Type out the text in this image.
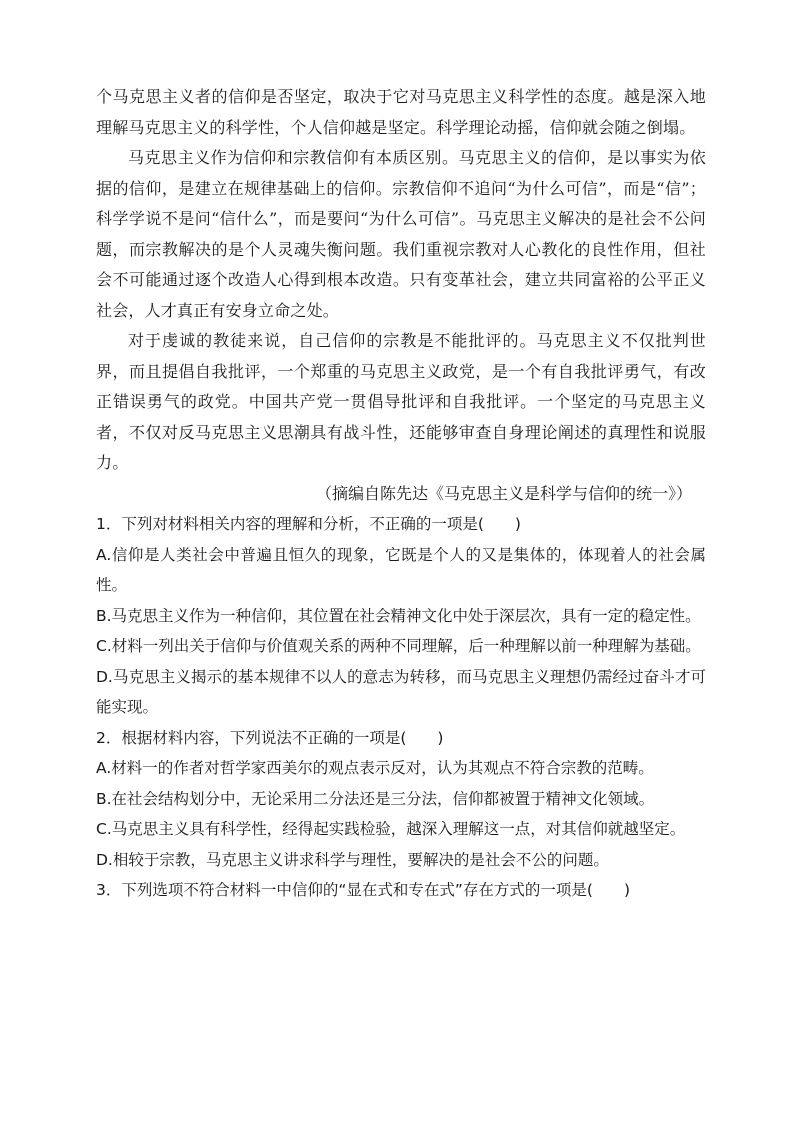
个马克思主义者的信仰是否坚定，取决于它对马克思主义科学性的态度。越是深入地理解马克思主义的科学性，个人信仰越是坚定。科学理论动摇，信仰就会随之倒塌。

马克思主义作为信仰和宗教信仰有本质区别。马克思主义的信仰，是以事实为依据的信仰，是建立在规律基础上的信仰。宗教信仰不追问“为什么可信”，而是“信”；科学学说不是问“信什么”，而是要问“为什么可信”。马克思主义解决的是社会不公问题，而宗教解决的是个人灵魂失衡问题。我们重视宗教对人心教化的良性作用，但社会不可能通过逐个改造人心得到根本改造。只有变革社会，建立共同富裕的公平正义社会，人才真正有安身立命之处。

对于虔诚的教徒来说，自己信仰的宗教是不能批评的。马克思主义不仅批判世界，而且提倡自我批评，一个郑重的马克思主义政党，是一个有自我批评勇气，有改正错误勇气的政党。中国共产党一贯倡导批评和自我批评。一个坚定的马克思主义者，不仅对反马克思主义思潮具有战斗性，还能够审查自身理论阐述的真理性和说服力。

（摘编自陈先达《马克思主义是科学与信仰的统一》）

1．下列对材料相关内容的理解和分析，不正确的一项是(　　)

A.信仰是人类社会中普遍且恒久的现象，它既是个人的又是集体的，体现着人的社会属性。

B.马克思主义作为一种信仰，其位置在社会精神文化中处于深层次，具有一定的稳定性。

C.材料一列出关于信仰与价值观关系的两种不同理解，后一种理解以前一种理解为基础。

D.马克思主义揭示的基本规律不以人的意志为转移，而马克思主义理想仍需经过奋斗才可能实现。

2．根据材料内容，下列说法不正确的一项是(　　)

A.材料一的作者对哲学家西美尔的观点表示反对，认为其观点不符合宗教的范畴。

B.在社会结构划分中，无论采用二分法还是三分法，信仰都被置于精神文化领域。

C.马克思主义具有科学性，经得起实践检验，越深入理解这一点，对其信仰就越坚定。

D.相较于宗教，马克思主义讲求科学与理性，要解决的是社会不公的问题。

3．下列选项不符合材料一中信仰的“显在式和专在式”存在方式的一项是(　　)
